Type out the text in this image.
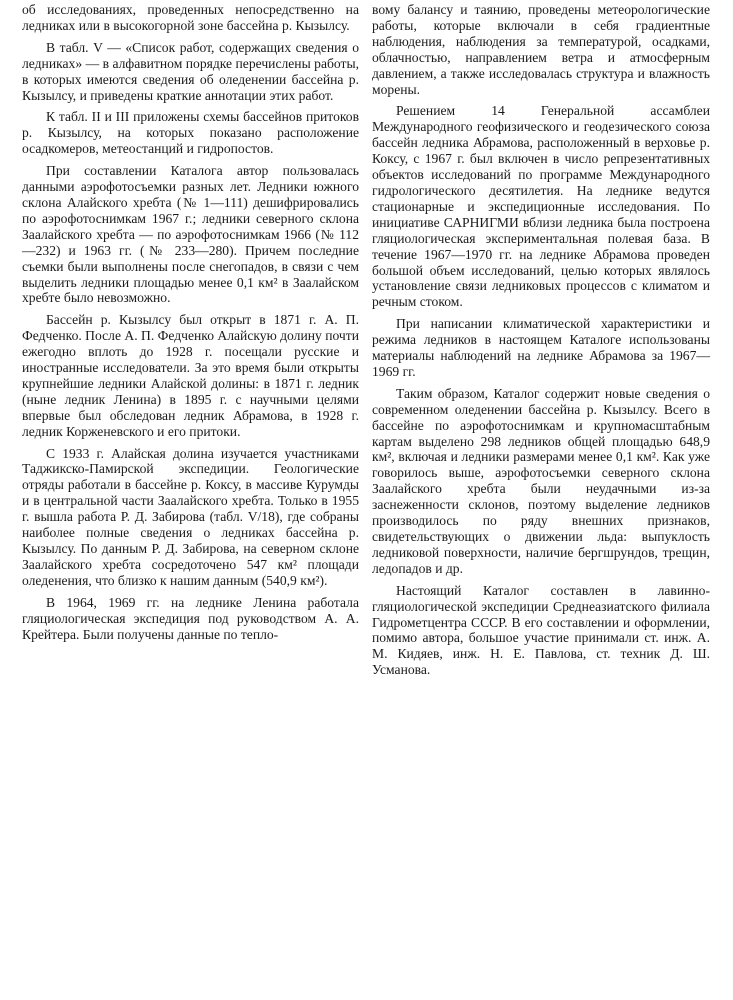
об исследованиях, проведенных непосредственно на ледниках или в высокогорной зоне бассейна р. Кызылсу.

В табл. V — «Список работ, содержащих сведения о ледниках» — в алфавитном порядке перечислены работы, в которых имеются сведения об оледенении бассейна р. Кызылсу, и приведены краткие аннотации этих работ.

К табл. II и III приложены схемы бассейнов притоков р. Кызылсу, на которых показано расположение осадкомеров, метеостанций и гидропостов.

При составлении Каталога автор пользовалась данными аэрофотосъемки разных лет. Ледники южного склона Алайского хребта (№ 1—111) дешифрировались по аэрофотоснимкам 1967 г.; ледники северного склона Заалайского хребта — по аэрофотоснимкам 1966 (№ 112—232) и 1963 гг. (№ 233—280). Причем последние съемки были выполнены после снегопадов, в связи с чем выделить ледники площадью менее 0,1 км² в Заалайском хребте было невозможно.

Бассейн р. Кызылсу был открыт в 1871 г. А. П. Федченко. После А. П. Федченко Алайскую долину почти ежегодно вплоть до 1928 г. посещали русские и иностранные исследователи. За это время были открыты крупнейшие ледники Алайской долины: в 1871 г. ледник (ныне ледник Ленина) в 1895 г. с научными целями впервые был обследован ледник Абрамова, в 1928 г. ледник Корженевского и его притоки.

С 1933 г. Алайская долина изучается участниками Таджикско-Памирской экспедиции. Геологические отряды работали в бассейне р. Коксу, в массиве Курумды и в центральной части Заалайского хребта. Только в 1955 г. вышла работа Р. Д. Забирова (табл. V/18), где собраны наиболее полные сведения о ледниках бассейна р. Кызылсу. По данным Р. Д. Забирова, на северном склоне Заалайского хребта сосредоточено 547 км² площади оледенения, что близко к нашим данным (540,9 км²).

В 1964, 1969 гг. на леднике Ленина работала гляциологическая экспедиция под руководством А. А. Крейтера. Были получены данные по тепло-

вому балансу и таянию, проведены метеорологические работы, которые включали в себя градиентные наблюдения, наблюдения за температурой, осадками, облачностью, направлением ветра и атмосферным давлением, а также исследовалась структура и влажность морены.

Решением 14 Генеральной ассамблеи Международного геофизического и геодезического союза бассейн ледника Абрамова, расположенный в верховье р. Коксу, с 1967 г. был включен в число репрезентативных объектов исследований по программе Международного гидрологического десятилетия. На леднике ведутся стационарные и экспедиционные исследования. По инициативе САРНИГМИ вблизи ледника была построена гляциологическая экспериментальная полевая база. В течение 1967—1970 гг. на леднике Абрамова проведен большой объем исследований, целью которых являлось установление связи ледниковых процессов с климатом и речным стоком.

При написании климатической характеристики и режима ледников в настоящем Каталоге использованы материалы наблюдений на леднике Абрамова за 1967—1969 гг.

Таким образом, Каталог содержит новые сведения о современном оледенении бассейна р. Кызылсу. Всего в бассейне по аэрофотоснимкам и крупномасштабным картам выделено 298 ледников общей площадью 648,9 км², включая и ледники размерами менее 0,1 км². Как уже говорилось выше, аэрофотосъемки северного склона Заалайского хребта были неудачными из-за заснеженности склонов, поэтому выделение ледников производилось по ряду внешних признаков, свидетельствующих о движении льда: выпуклость ледниковой поверхности, наличие бергшрундов, трещин, ледопадов и др.

Настоящий Каталог составлен в лавинно-гляциологической экспедиции Среднеазиатского филиала Гидрометцентра СССР. В его составлении и оформлении, помимо автора, большое участие принимали ст. инж. А. М. Кидяев, инж. Н. Е. Павлова, ст. техник Д. Ш. Усманова.
